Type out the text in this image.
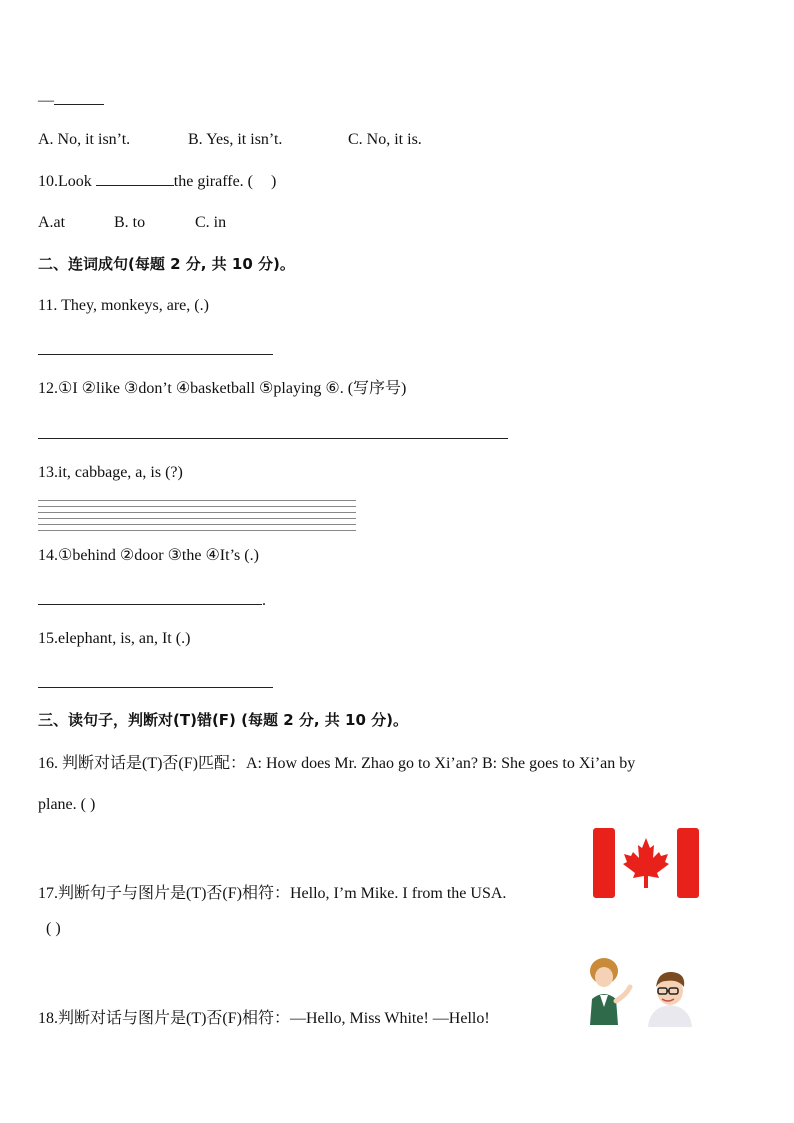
—
A. No, it isn’t.	B. Yes, it isn’t.	C. No, it is.
10.Look	the giraffe. ( )
A.at	B. to	C. in
二、连词成句(每题 2 分, 共 10 分)。
11. They, monkeys, are, (.)
12.①I ②like ③don’t ④basketball ⑤playing ⑥. (写序号)
13.it, cabbage, a, is (?)
14.①behind ②door ③the ④It’s (.)
.
15.elephant, is, an, It (.)
三、读句子，判断对(T)错(F) (每题 2 分, 共 10 分)。
16. 判断对话是(T)否(F)匹配：A: How does Mr. Zhao go to Xi’an? B: She goes to Xi’an by
plane. ( )
17.判断句子与图片是(T)否(F)相符：Hello, I’m Mike. I from the USA.
( )
18.判断对话与图片是(T)否(F)相符：—Hello, Miss White! —Hello!
